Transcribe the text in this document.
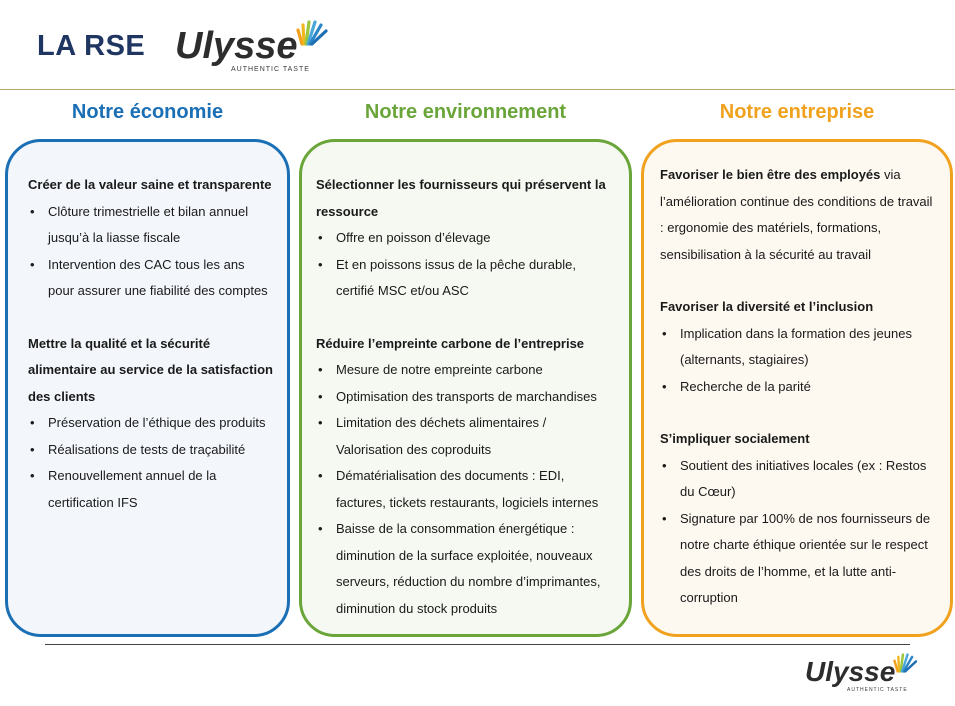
LA RSE Ulysse
AUTHENTIC TASTE
Notre économie	Notre environnement	Notre entreprise
Créer de la valeur saine et transparente
• Clôture trimestrielle et bilan annuel jusqu’à la liasse fiscale
• Intervention des CAC tous les ans pour assurer une fiabilité des comptes
Mettre la qualité et la sécurité alimentaire au service de la satisfaction des clients
• Préservation de l’éthique des produits
• Réalisations de tests de traçabilité
• Renouvellement annuel de la certification IFS
Sélectionner les fournisseurs qui préservent la ressource
• Offre en poisson d’élevage
• Et en poissons issus de la pêche durable, certifié MSC et/ou ASC
Réduire l’empreinte carbone de l’entreprise
• Mesure de notre empreinte carbone
• Optimisation des transports de marchandises
• Limitation des déchets alimentaires / Valorisation des coproduits
• Dématérialisation des documents : EDI, factures, tickets restaurants, logiciels internes
• Baisse de la consommation énergétique : diminution de la surface exploitée, nouveaux serveurs, réduction du nombre d’imprimantes, diminution du stock produits
Favoriser le bien être des employés via l’amélioration continue des conditions de travail : ergonomie des matériels, formations, sensibilisation à la sécurité au travail
Favoriser la diversité et l’inclusion
• Implication dans la formation des jeunes (alternants, stagiaires)
• Recherche de la parité
S’impliquer socialement
• Soutient des initiatives locales (ex : Restos du Cœur)
• Signature par 100% de nos fournisseurs de notre charte éthique orientée sur le respect des droits de l’homme, et la lutte anti-corruption
Ulysse
AUTHENTIC TASTE
